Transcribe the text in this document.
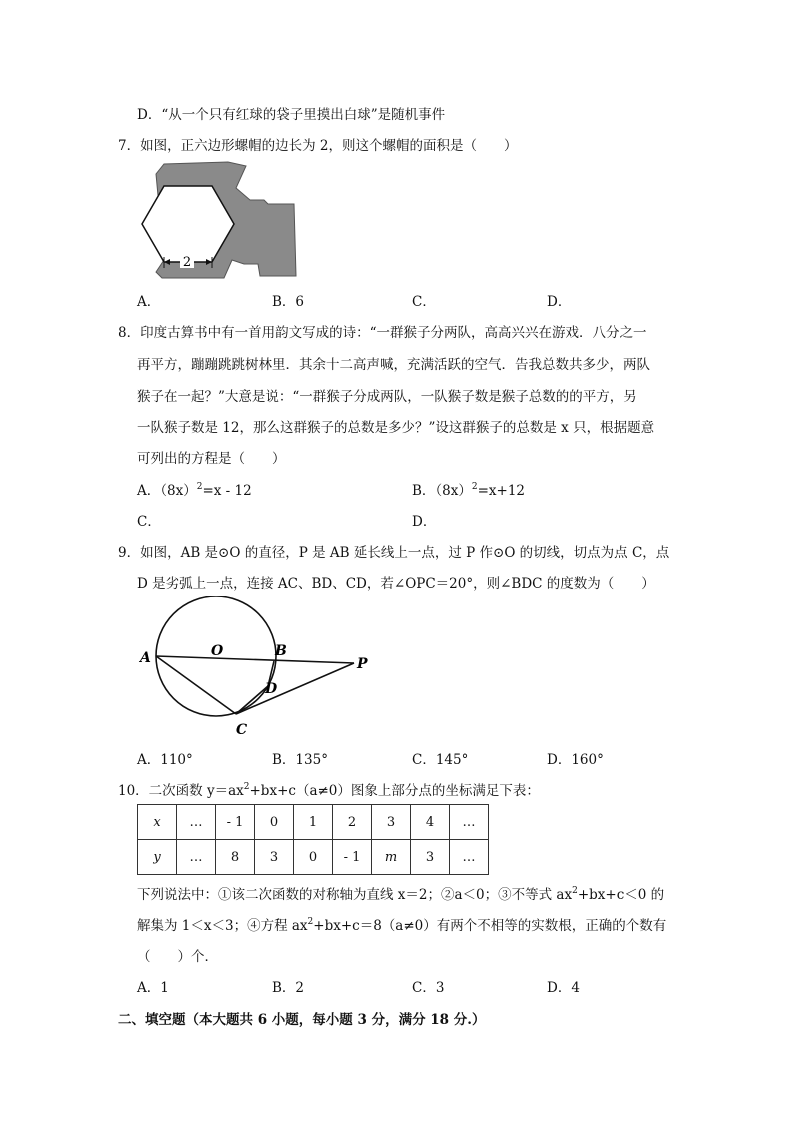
D．“从一个只有红球的袋子里摸出白球”是随机事件
7．如图，正六边形螺帽的边长为 2，则这个螺帽的面积是（　　）
2
A．	B．6	C．	D．
8．印度古算书中有一首用韵文写成的诗：“一群猴子分两队，高高兴兴在游戏．八分之一
再平方，蹦蹦跳跳树林里．其余十二高声喊，充满活跃的空气．告我总数共多少，两队
猴子在一起？”大意是说：“一群猴子分成两队，一队猴子数是猴子总数的的平方，另
一队猴子数是 12，那么这群猴子的总数是多少？”设这群猴子的总数是 x 只，根据题意
可列出的方程是（　　）
A．$(8x)^2=x - 12$	B．$(8x)^2=x+12$
C．	D．
9．如图，AB 是⊙O 的直径，P 是 AB 延长线上一点，过 P 作⊙O 的切线，切点为点 C，点
D 是劣弧上一点，连接 AC、BD、CD，若∠OPC＝20°，则∠BDC 的度数为（　　）
A	O	B
P
D
C
A．110°	B．135°	C．145°	D．160°
10．二次函数 $y=ax^2+bx+c(a\ne 0)$图象上部分点的坐标满足下表：
x	…	- 1	0	1	2	3	4	…
y	…	8	3	0	- 1	m	3	…
下列说法中：①该二次函数的对称轴为直线 x＝2；②a＜0；③不等式 $ax^2+bx+c<0$ 的
解集为 1＜x＜3；④方程 $ax^2+bx+c=8(a\ne 0)$有两个不相等的实数根，正确的个数有
（　　）个．
A．1	B．2	C．3	D．4
二、填空题（本大题共 6 小题，每小题 3 分，满分 18 分.）
